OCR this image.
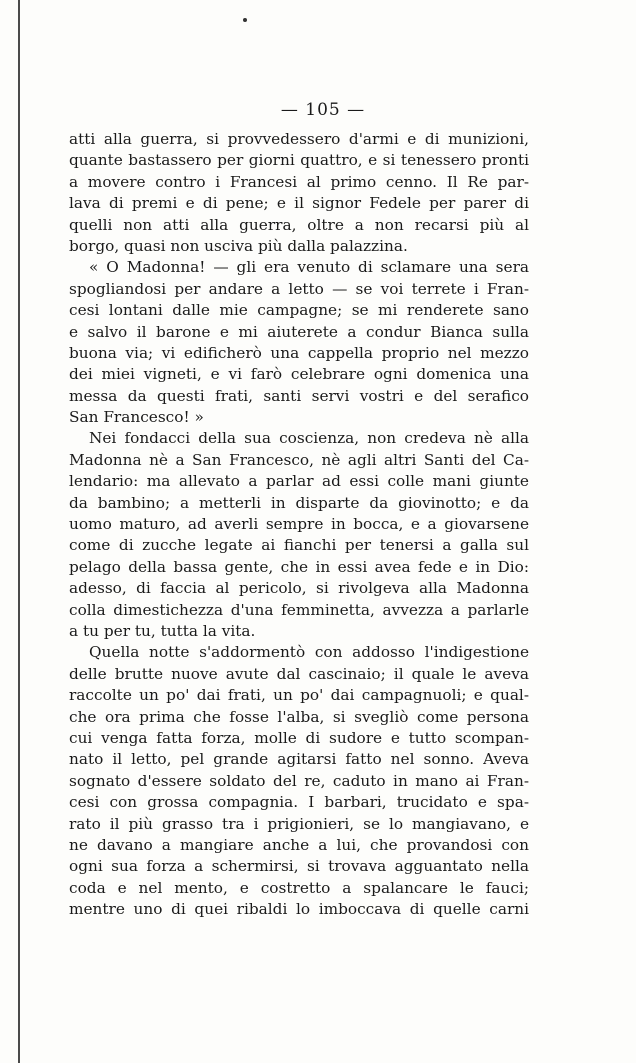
— 105 —
atti alla guerra, si provvedessero d'armi e di munizioni,
quante bastassero per giorni quattro, e si tenessero pronti
a movere contro i Francesi al primo cenno. Il Re par-
lava di premi e di pene; e il signor Fedele per parer di
quelli non atti alla guerra, oltre a non recarsi più al
borgo, quasi non usciva più dalla palazzina.
« O Madonna! — gli era venuto di sclamare una sera
spogliandosi per andare a letto — se voi terrete i Fran-
cesi lontani dalle mie campagne; se mi renderete sano
e salvo il barone e mi aiuterete a condur Bianca sulla
buona via; vi edificherò una cappella proprio nel mezzo
dei miei vigneti, e vi farò celebrare ogni domenica una
messa da questi frati, santi servi vostri e del serafico
San Francesco! »
Nei fondacci della sua coscienza, non credeva nè alla
Madonna nè a San Francesco, nè agli altri Santi del Ca-
lendario: ma allevato a parlar ad essi colle mani giunte
da bambino; a metterli in disparte da giovinotto; e da
uomo maturo, ad averli sempre in bocca, e a giovarsene
come di zucche legate ai fianchi per tenersi a galla sul
pelago della bassa gente, che in essi avea fede e in Dio:
adesso, di faccia al pericolo, si rivolgeva alla Madonna
colla dimestichezza d'una femminetta, avvezza a parlarle
a tu per tu, tutta la vita.
Quella notte s'addormentò con addosso l'indigestione
delle brutte nuove avute dal cascinaio; il quale le aveva
raccolte un po' dai frati, un po' dai campagnuoli; e qual-
che ora prima che fosse l'alba, si svegliò come persona
cui venga fatta forza, molle di sudore e tutto scompan-
nato il letto, pel grande agitarsi fatto nel sonno. Aveva
sognato d'essere soldato del re, caduto in mano ai Fran-
cesi con grossa compagnia. I barbari, trucidato e spa-
rato il più grasso tra i prigionieri, se lo mangiavano, e
ne davano a mangiare anche a lui, che provandosi con
ogni sua forza a schermirsi, si trovava agguantato nella
coda e nel mento, e costretto a spalancare le fauci;
mentre uno di quei ribaldi lo imboccava di quelle carni
